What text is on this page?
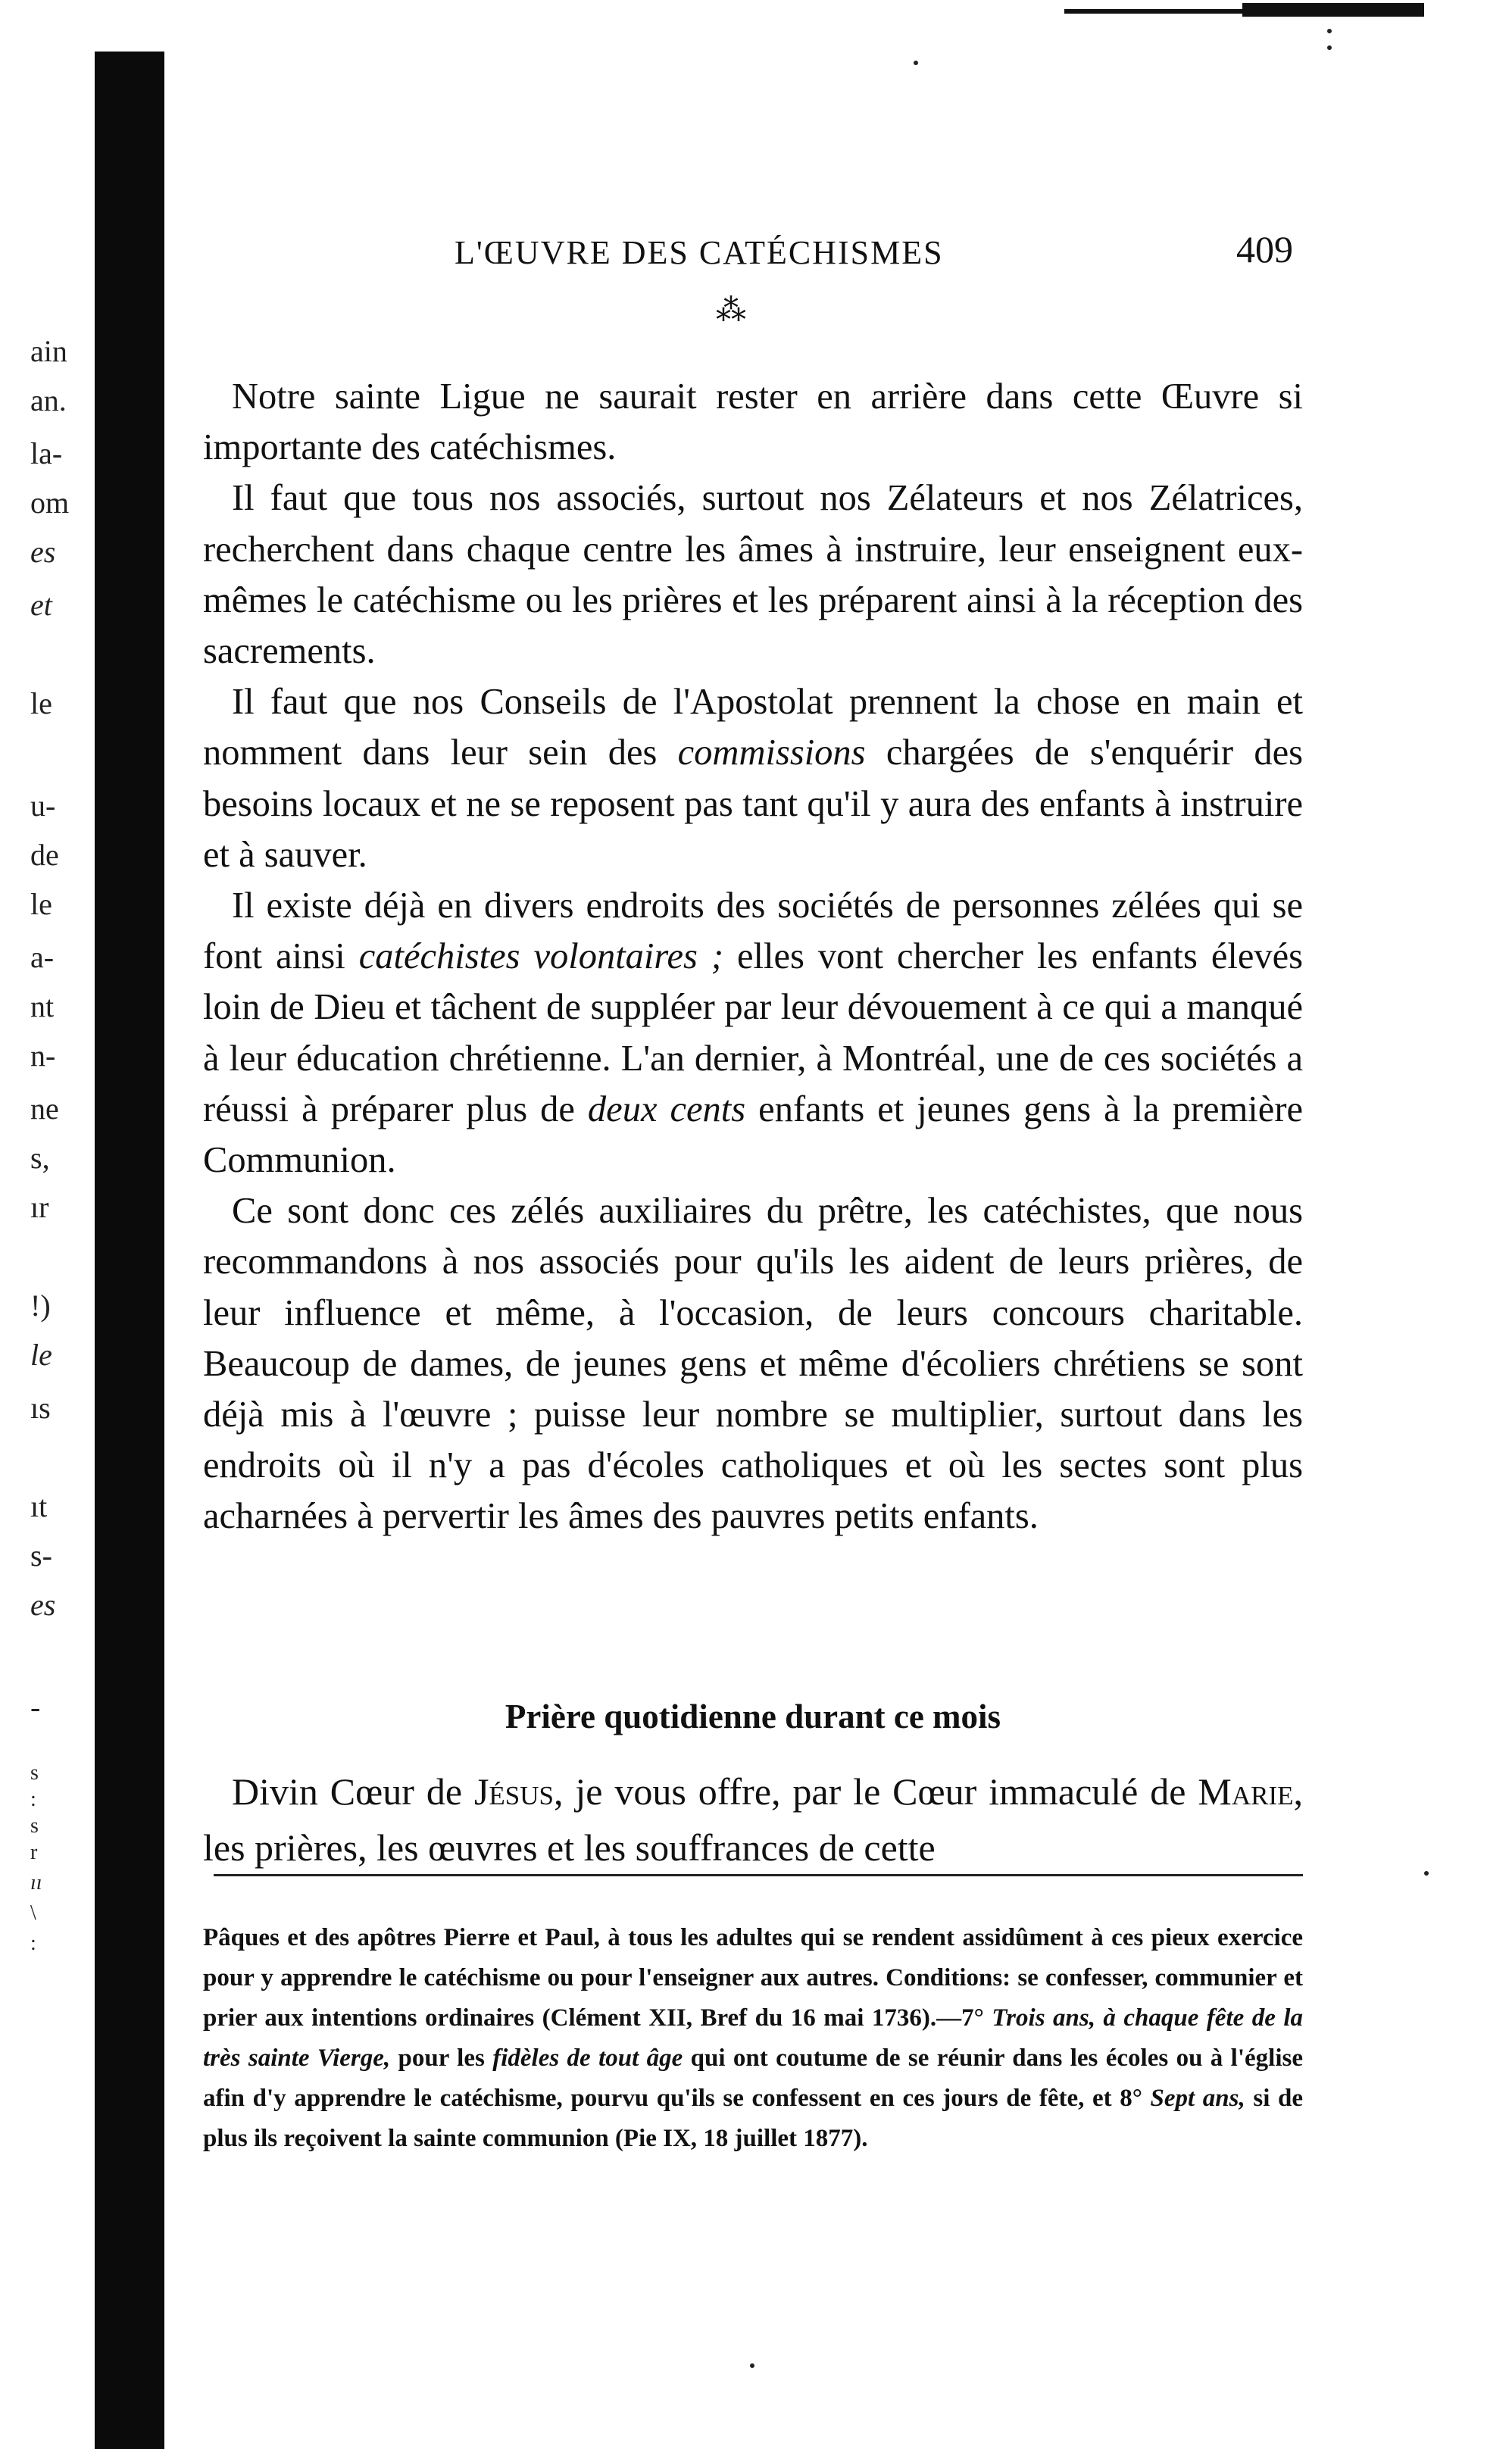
ain
an.
la-
om
es
et
le
u-
de
le
a-
nt
n-
ne
s,
ır
!)
le
ıs
ıt
s-
es
-
s
:
s
r
ıı
\
:
L'ŒUVRE DES CATÉCHISMES	409
⁂

Notre sainte Ligue ne saurait rester en arrière dans cette Œuvre si importante des catéchismes.

Il faut que tous nos associés, surtout nos Zélateurs et nos Zélatrices, recherchent dans chaque centre les âmes à instruire, leur enseignent eux-mêmes le catéchisme ou les prières et les préparent ainsi à la réception des sacrements.

Il faut que nos Conseils de l'Apostolat prennent la chose en main et nomment dans leur sein des commissions chargées de s'enquérir des besoins locaux et ne se reposent pas tant qu'il y aura des enfants à instruire et à sauver.

Il existe déjà en divers endroits des sociétés de personnes zélées qui se font ainsi catéchistes volontaires ; elles vont chercher les enfants élevés loin de Dieu et tâchent de suppléer par leur dévouement à ce qui a manqué à leur éducation chrétienne. L'an dernier, à Montréal, une de ces sociétés a réussi à préparer plus de deux cents enfants et jeunes gens à la première Communion.

Ce sont donc ces zélés auxiliaires du prêtre, les catéchistes, que nous recommandons à nos associés pour qu'ils les aident de leurs prières, de leur influence et même, à l'occasion, de leurs concours charitable. Beaucoup de dames, de jeunes gens et même d'écoliers chrétiens se sont déjà mis à l'œuvre ; puisse leur nombre se multiplier, surtout dans les endroits où il n'y a pas d'écoles catholiques et où les sectes sont plus acharnées à pervertir les âmes des pauvres petits enfants.

Prière quotidienne durant ce mois
Divin Cœur de Jésus, je vous offre, par le Cœur immaculé de Marie, les prières, les œuvres et les souffrances de cette
Pâques et des apôtres Pierre et Paul, à tous les adultes qui se rendent assidûment à ces pieux exercice pour y apprendre le catéchisme ou pour l'enseigner aux autres. Conditions: se confesser, communier et prier aux intentions ordinaires (Clément XII, Bref du 16 mai 1736).—7° Trois ans, à chaque fête de la très sainte Vierge, pour les fidèles de tout âge qui ont coutume de se réunir dans les écoles ou à l'église afin d'y apprendre le catéchisme, pourvu qu'ils se confessent en ces jours de fête, et 8° Sept ans, si de plus ils reçoivent la sainte communion (Pie IX, 18 juillet 1877).
